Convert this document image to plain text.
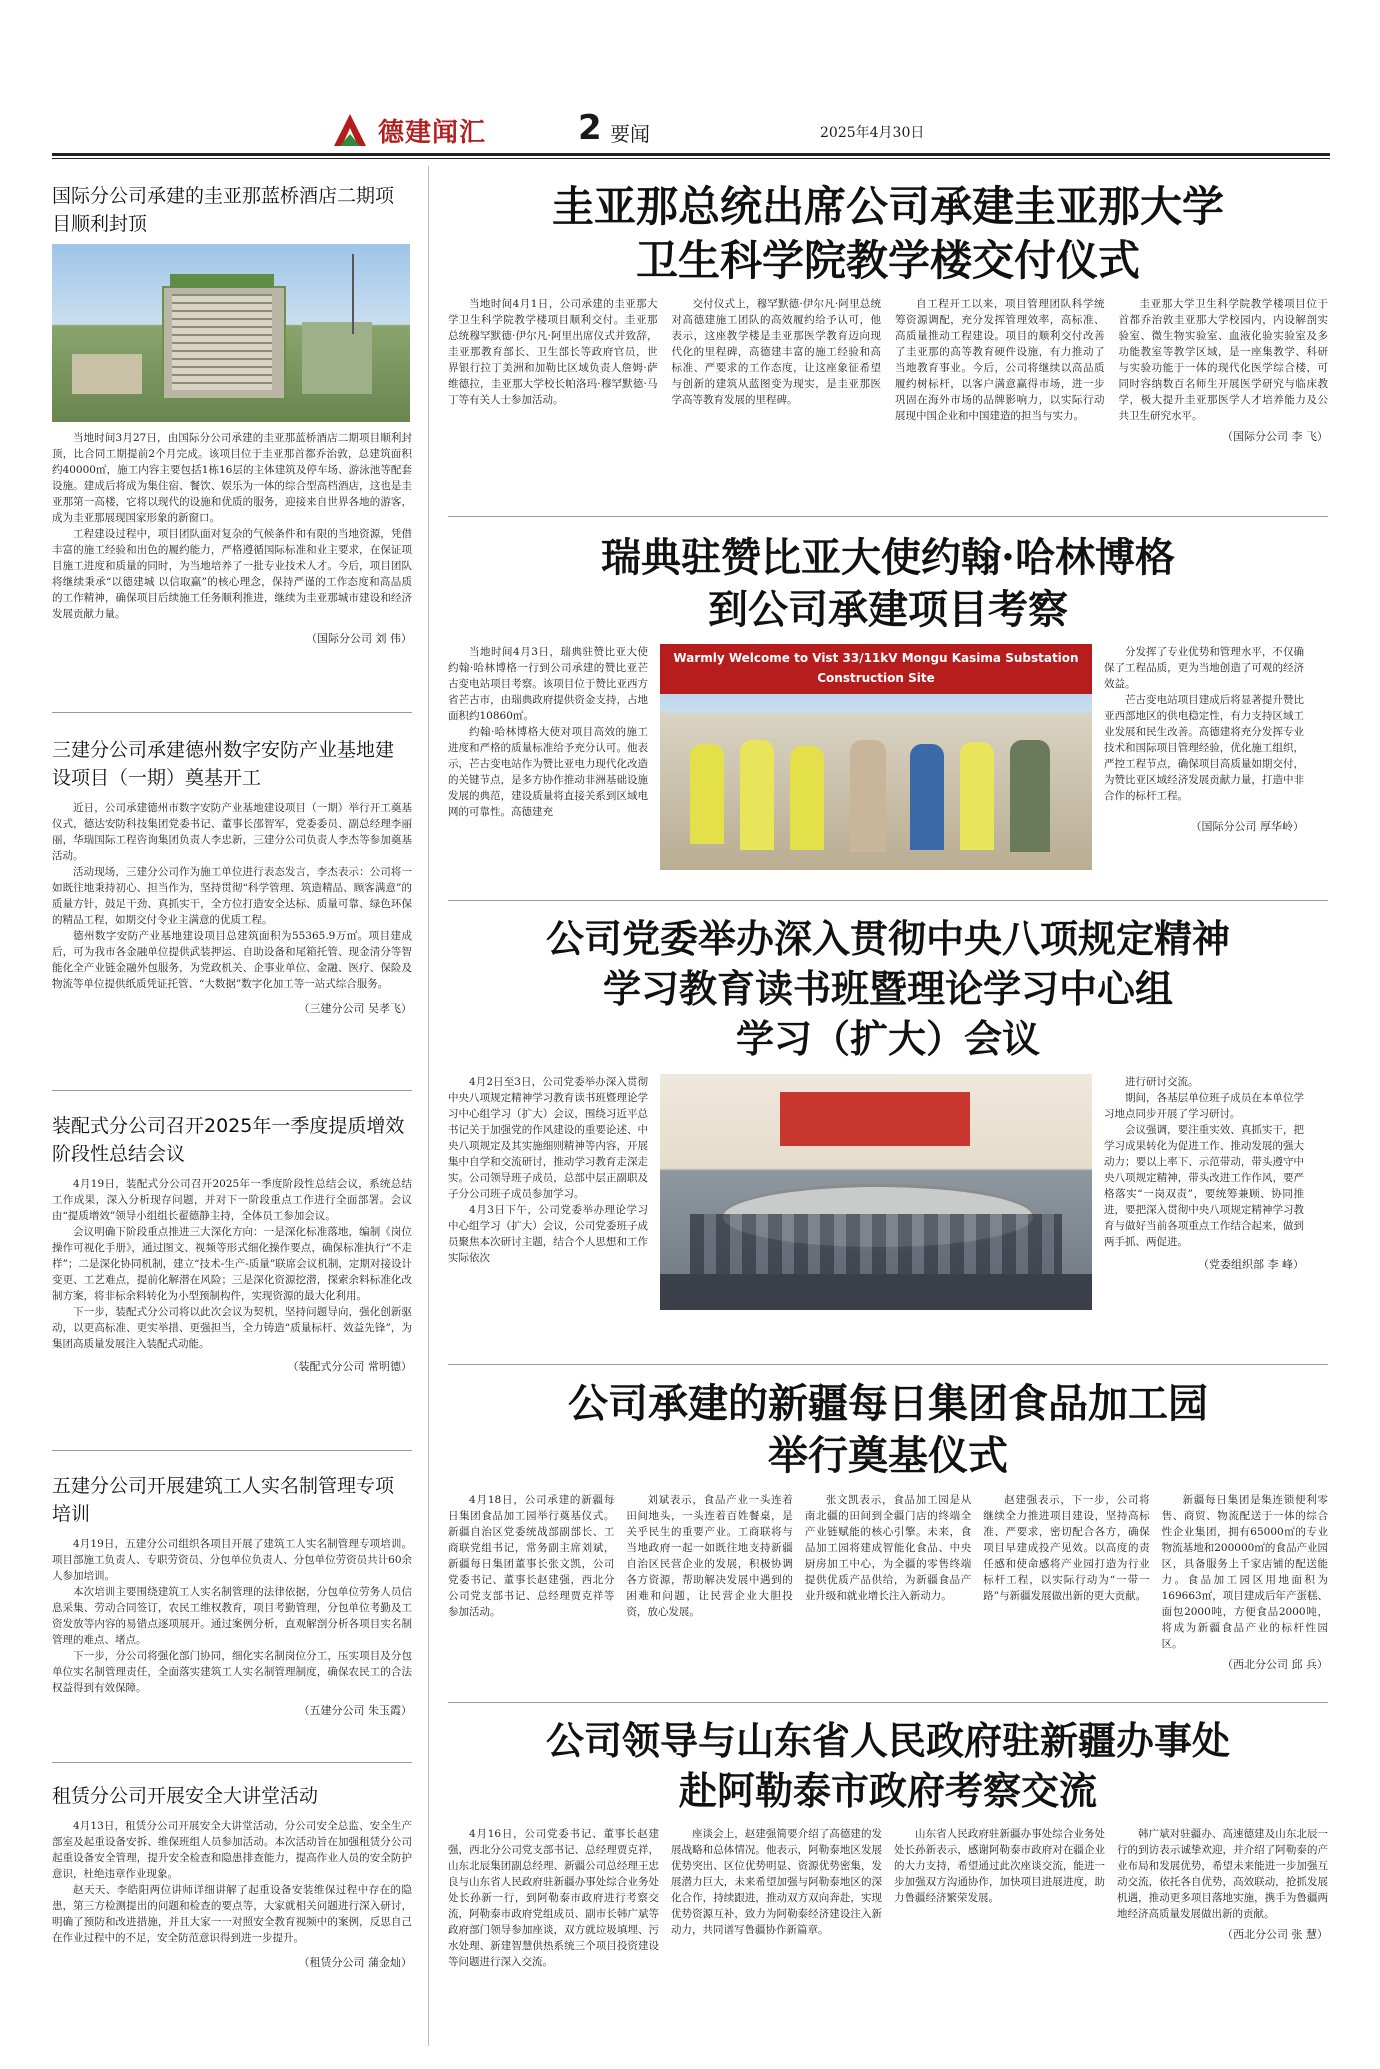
德建闻汇	2 要闻	2025年4月30日
国际分公司承建的圭亚那蓝桥酒店二期项目顺利封顶

当地时间3月27日，由国际分公司承建的圭亚那蓝桥酒店二期项目顺利封顶，比合同工期提前2个月完成。该项目位于圭亚那首都乔治敦，总建筑面积约40000㎡，施工内容主要包括1栋16层的主体建筑及停车场、游泳池等配套设施。建成后将成为集住宿、餐饮、娱乐为一体的综合型高档酒店，这也是圭亚那第一高楼，它将以现代的设施和优质的服务，迎接来自世界各地的游客，成为圭亚那展现国家形象的新窗口。

工程建设过程中，项目团队面对复杂的气候条件和有限的当地资源，凭借丰富的施工经验和出色的履约能力，严格遵循国际标准和业主要求，在保证项目施工进度和质量的同时，为当地培养了一批专业技术人才。今后，项目团队将继续秉承“以德建城 以信取赢”的核心理念，保持严谨的工作态度和高品质的工作精神，确保项目后续施工任务顺利推进，继续为圭亚那城市建设和经济发展贡献力量。

（国际分公司 刘 伟）
三建分公司承建德州数字安防产业基地建设项目（一期）奠基开工

近日，公司承建德州市数字安防产业基地建设项目（一期）举行开工奠基仪式，德达安防科技集团党委书记、董事长邵智军，党委委员、副总经理李丽丽，华瑞国际工程咨询集团负责人李忠新，三建分公司负责人李杰等参加奠基活动。

活动现场，三建分公司作为施工单位进行表态发言，李杰表示：公司将一如既往地秉持初心、担当作为，坚持贯彻“科学管理、筑造精品、顾客满意”的质量方针，鼓足干劲、真抓实干，全方位打造安全达标、质量可靠、绿色环保的精品工程，如期交付令业主满意的优质工程。

德州数字安防产业基地建设项目总建筑面积为55365.9万㎡。项目建成后，可为我市各金融单位提供武装押运、自助设备和尾箱托管、现金清分等智能化全产业链金融外包服务，为党政机关、企事业单位、金融、医疗、保险及物流等单位提供纸质凭证托管、“大数据”数字化加工等一站式综合服务。

（三建分公司 吴孝飞）
装配式分公司召开2025年一季度提质增效阶段性总结会议

4月19日，装配式分公司召开2025年一季度阶段性总结会议，系统总结工作成果，深入分析现存问题，并对下一阶段重点工作进行全面部署。会议由“提质增效”领导小组组长翟德静主持，全体员工参加会议。

会议明确下阶段重点推进三大深化方向：一是深化标准落地，编制《岗位操作可视化手册》，通过图文、视频等形式细化操作要点，确保标准执行“不走样”；二是深化协同机制，建立“技术-生产-质量”联席会议机制，定期对接设计变更、工艺难点，提前化解潜在风险；三是深化资源挖潜，探索余料标准化改制方案，将非标余料转化为小型预制构件，实现资源的最大化利用。

下一步，装配式分公司将以此次会议为契机，坚持问题导向，强化创新驱动，以更高标准、更实举措、更强担当，全力铸造“质量标杆、效益先锋”，为集团高质量发展注入装配式动能。

（装配式分公司 常明德）
五建分公司开展建筑工人实名制管理专项培训

4月19日，五建分公司组织各项目开展了建筑工人实名制管理专项培训。项目部施工负责人、专职劳资员、分包单位负责人、分包单位劳资员共计60余人参加培训。

本次培训主要围绕建筑工人实名制管理的法律依据，分包单位劳务人员信息采集、劳动合同签订，农民工维权教育，项目考勤管理，分包单位考勤及工资发放等内容的易错点逐项展开。通过案例分析，直观解剖分析各项目实名制管理的难点、堵点。

下一步，分公司将强化部门协同，细化实名制岗位分工，压实项目及分包单位实名制管理责任，全面落实建筑工人实名制管理制度，确保农民工的合法权益得到有效保障。

（五建分公司 朱玉霞）
租赁分公司开展安全大讲堂活动

4月13日，租赁分公司开展安全大讲堂活动，分公司安全总监、安全生产部室及起重设备安拆、维保班组人员参加活动。本次活动旨在加强租赁分公司起重设备安全管理，提升安全检查和隐患排查能力，提高作业人员的安全防护意识，杜绝违章作业现象。

赵天天、李皓阳两位讲师详细讲解了起重设备安装维保过程中存在的隐患，第三方检测提出的问题和检查的要点等，大家就相关问题进行深入研讨，明确了预防和改进措施，并且大家一一对照安全教育视频中的案例，反思自己在作业过程中的不足，安全防范意识得到进一步提升。

（租赁分公司 蒲金灿）
圭亚那总统出席公司承建圭亚那大学
卫生科学院教学楼交付仪式

当地时间4月1日，公司承建的圭亚那大学卫生科学院教学楼项目顺利交付。圭亚那总统穆罕默德·伊尔凡·阿里出席仪式并致辞，圭亚那教育部长、卫生部长等政府官员，世界银行拉丁美洲和加勒比区域负责人詹姆·萨维德拉，圭亚那大学校长帕洛玛·穆罕默德·马丁等有关人士参加活动。

交付仪式上，穆罕默德·伊尔凡·阿里总统对高德建施工团队的高效履约给予认可，他表示，这座教学楼是圭亚那医学教育迈向现代化的里程碑，高德建丰富的施工经验和高标准、严要求的工作态度，让这座象征希望与创新的建筑从蓝图变为现实，是圭亚那医学高等教育发展的里程碑。

自工程开工以来，项目管理团队科学统筹资源调配，充分发挥管理效率，高标准、高质量推动工程建设。项目的顺利交付改善了圭亚那的高等教育硬件设施，有力推动了当地教育事业。今后，公司将继续以高品质履约树标杆，以客户满意赢得市场，进一步巩固在海外市场的品牌影响力，以实际行动展现中国企业和中国建造的担当与实力。

圭亚那大学卫生科学院教学楼项目位于首都乔治敦圭亚那大学校园内，内设解剖实验室、微生物实验室、血液化验实验室及多功能教室等教学区域，是一座集教学、科研与实验功能于一体的现代化医学综合楼，可同时容纳数百名师生开展医学研究与临床教学，极大提升圭亚那医学人才培养能力及公共卫生研究水平。

（国际分公司 李 飞）
瑞典驻赞比亚大使约翰·哈林博格
到公司承建项目考察

当地时间4月3日，瑞典驻赞比亚大使约翰·哈林博格一行到公司承建的赞比亚芒古变电站项目考察。该项目位于赞比亚西方省芒古市，由瑞典政府提供资金支持，占地面积约10860㎡。

约翰·哈林博格大使对项目高效的施工进度和严格的质量标准给予充分认可。他表示，芒古变电站作为赞比亚电力现代化改造的关键节点，是多方协作推动非洲基础设施发展的典范，建设质量将直接关系到区域电网的可靠性。高德建充

Warmly Welcome to Vist 33/11kV Mongu Kasima Substation Construction Site

分发挥了专业优势和管理水平，不仅确保了工程品质，更为当地创造了可观的经济效益。

芒古变电站项目建成后将显著提升赞比亚西部地区的供电稳定性，有力支持区域工业发展和民生改善。高德建将充分发挥专业技术和国际项目管理经验，优化施工组织，严控工程节点，确保项目高质量如期交付，为赞比亚区域经济发展贡献力量，打造中非合作的标杆工程。

（国际分公司 厚华岭）
公司党委举办深入贯彻中央八项规定精神
学习教育读书班暨理论学习中心组
学习（扩大）会议

4月2日至3日，公司党委举办深入贯彻中央八项规定精神学习教育读书班暨理论学习中心组学习（扩大）会议，围绕习近平总书记关于加强党的作风建设的重要论述、中央八项规定及其实施细则精神等内容，开展集中自学和交流研讨，推动学习教育走深走实。公司领导班子成员，总部中层正副职及子分公司班子成员参加学习。

4月3日下午，公司党委举办理论学习中心组学习（扩大）会议，公司党委班子成员聚焦本次研讨主题，结合个人思想和工作实际依次

进行研讨交流。

期间，各基层单位班子成员在本单位学习地点同步开展了学习研讨。

会议强调，要注重实效、真抓实干，把学习成果转化为促进工作、推动发展的强大动力；要以上率下、示范带动，带头遵守中央八项规定精神，带头改进工作作风，要严格落实“一岗双责”，要统筹兼顾、协同推进，要把深入贯彻中央八项规定精神学习教育与做好当前各项重点工作结合起来，做到两手抓、两促进。

（党委组织部 李 峰）
公司承建的新疆每日集团食品加工园
举行奠基仪式

4月18日，公司承建的新疆每日集团食品加工园举行奠基仪式。新疆自治区党委统战部副部长、工商联党组书记，常务副主席刘斌，新疆每日集团董事长张文凯，公司党委书记、董事长赵建强，西北分公司党支部书记、总经理贾克祥等参加活动。

刘斌表示，食品产业一头连着田间地头，一头连着百姓餐桌，是关乎民生的重要产业。工商联将与当地政府一起一如既往地支持新疆自治区民营企业的发展，积极协调各方资源，帮助解决发展中遇到的困难和问题，让民营企业大胆投资，放心发展。

张文凯表示，食品加工园是从南北疆的田间到全疆门店的终端全产业链赋能的核心引擎。未来，食品加工园将建成智能化食品、中央厨房加工中心，为全疆的零售终端提供优质产品供给，为新疆食品产业升级和就业增长注入新动力。

赵建强表示，下一步，公司将继续全力推进项目建设，坚持高标准、严要求，密切配合各方，确保项目早建成投产见效。以高度的责任感和使命感将产业园打造为行业标杆工程，以实际行动为“一带一路”与新疆发展做出新的更大贡献。

新疆每日集团是集连锁便利零售、商贸、物流配送于一体的综合性企业集团，拥有65000㎡的专业物流基地和200000㎡的食品产业园区，具备服务上千家店铺的配送能力。食品加工园区用地面积为169663㎡，项目建成后年产蛋糕、面包2000吨，方便食品2000吨，将成为新疆食品产业的标杆性园区。

（西北分公司 邱 兵）
公司领导与山东省人民政府驻新疆办事处
赴阿勒泰市政府考察交流

4月16日，公司党委书记、董事长赵建强，西北分公司党支部书记、总经理贾克祥，山东北辰集团副总经理、新疆公司总经理王忠良与山东省人民政府驻新疆办事处综合业务处处长孙新一行，到阿勒泰市政府进行考察交流，阿勒泰市政府党组成员、副市长韩广斌等政府部门领导参加座谈，双方就垃圾填埋、污水处理、新建智慧供热系统三个项目投资建设等问题进行深入交流。

座谈会上，赵建强简要介绍了高德建的发展战略和总体情况。他表示，阿勒泰地区发展优势突出、区位优势明显、资源优势密集，发展潜力巨大，未来希望加强与阿勒泰地区的深化合作，持续跟进，推动双方双向奔赴，实现优势资源互补，致力为阿勒泰经济建设注入新动力，共同谱写鲁疆协作新篇章。

山东省人民政府驻新疆办事处综合业务处处长孙新表示，感谢阿勒泰市政府对在疆企业的大力支持，希望通过此次座谈交流，能进一步加强双方沟通协作，加快项目进展进度，助力鲁疆经济繁荣发展。

韩广斌对驻疆办、高速德建及山东北辰一行的到访表示诚挚欢迎，并介绍了阿勒泰的产业布局和发展优势，希望未来能进一步加强互动交流，依托各自优势，高效联动，抢抓发展机遇，推动更多项目落地实施，携手为鲁疆两地经济高质量发展做出新的贡献。

（西北分公司 张 慧）
